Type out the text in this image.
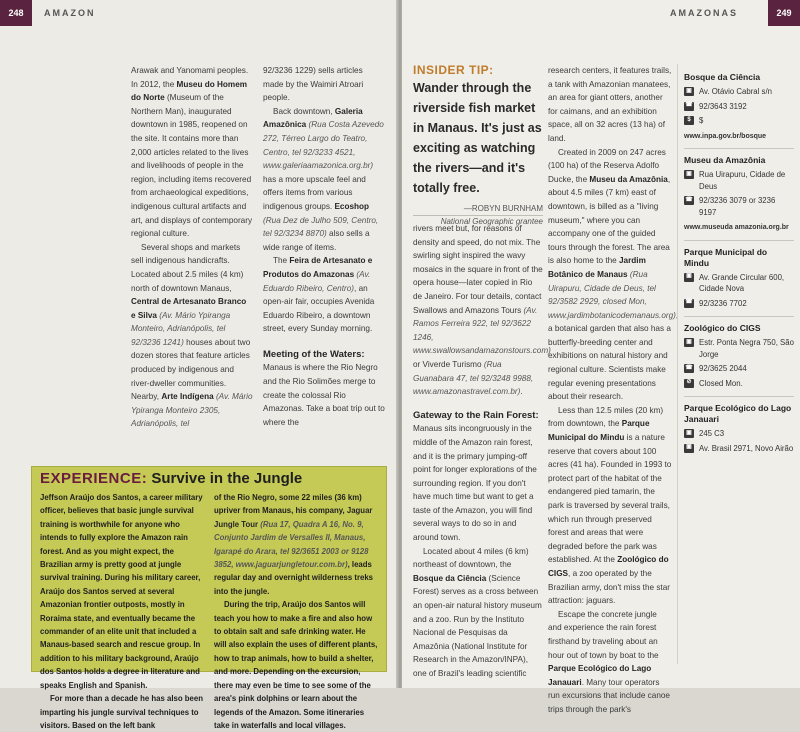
248	AMAZON

Arawak and Yanomami peoples. In 2012, the Museu do Homem do Norte (Museum of the Northern Man), inaugurated downtown in 1985, reopened on the site. It contains more than 2,000 articles related to the lives and livelihoods of people in the region, including items recovered from archaeological expeditions, indigenous cultural artifacts and art, and displays of contemporary regional culture.

Several shops and markets sell indigenous handicrafts. Located about 2.5 miles (4 km) north of downtown Manaus, Central de Artesanato Branco e Silva (Av. Mário Ypiranga Monteiro, Adrianópolis, tel 92/3236 1241) houses about two dozen stores that feature articles produced by indigenous and river-dweller communities. Nearby, Arte Indígena (Av. Mário Ypiranga Monteiro 2305, Adrianópolis, tel

92/3236 1229) sells articles made by the Waimiri Atroari people.

Back downtown, Galeria Amazônica (Rua Costa Azevedo 272, Térreo Largo do Teatro, Centro, tel 92/3233 4521, www.galeriaamazonica.org.br) has a more upscale feel and offers items from various indigenous groups. Ecoshop (Rua Dez de Julho 509, Centro, tel 92/3234 8870) also sells a wide range of items.

The Feira de Artesanato e Produtos do Amazonas (Av. Eduardo Ribeiro, Centro), an open-air fair, occupies Avenida Eduardo Ribeiro, a downtown street, every Sunday morning.

Meeting of the Waters:

Manaus is where the Rio Negro and the Rio Solimões merge to create the colossal Rio Amazonas. Take a boat trip out to where the

EXPERIENCE: Survive in the Jungle

Jeffson Araújo dos Santos, a career military officer, believes that basic jungle survival training is worthwhile for anyone who intends to fully explore the Amazon rain forest. And as you might expect, the Brazilian army is pretty good at jungle survival training. During his military career, Araújo dos Santos served at several Amazonian frontier outposts, mostly in Roraima state, and eventually became the commander of an elite unit that included a Manaus-based search and rescue group. In addition to his military background, Araújo dos Santos holds a degree in literature and speaks English and Spanish.

For more than a decade he has also been imparting his jungle survival techniques to visitors. Based on the left bank

of the Rio Negro, some 22 miles (36 km) upriver from Manaus, his company, Jaguar Jungle Tour (Rua 17, Quadra A 16, No. 9, Conjunto Jardim de Versalles II, Manaus, Igarapé do Arara, tel 92/3651 2003 or 9128 3852, www.jaguarjungletour.com.br), leads regular day and overnight wilderness treks into the jungle.

During the trip, Araújo dos Santos will teach you how to make a fire and also how to obtain salt and safe drinking water. He will also explain the uses of different plants, how to trap animals, how to build a shelter, and more. Depending on the excursion, there may even be time to see some of the area's pink dolphins or learn about the legends of the Amazon. Some itineraries take in waterfalls and local villages.

249
AMAZONAS
INSIDER TIP:
Wander through the riverside fish market in Manaus. It's just as exciting as watching the rivers—and it's totally free.
—ROBYN BURNHAM
National Geographic grantee

rivers meet but, for reasons of density and speed, do not mix. The swirling sight inspired the wavy mosaics in the square in front of the opera house—later copied in Rio de Janeiro. For tour details, contact Swallows and Amazons Tours (Av. Ramos Ferreira 922, tel 92/3622 1246, www.swallowsandamazonstours.com) or Viverde Turismo (Rua Guanabara 47, tel 92/3248 9988, www.amazonastravel.com.br).

Gateway to the Rain Forest:

Manaus sits incongruously in the middle of the Amazon rain forest, and it is the primary jumping-off point for longer explorations of the surrounding region. If you don't have much time but want to get a taste of the Amazon, you will find several ways to do so in and around town.

Located about 4 miles (6 km) northeast of downtown, the Bosque da Ciência (Science Forest) serves as a cross between an open-air natural history museum and a zoo. Run by the Instituto Nacional de Pesquisas da Amazônia (National Institute for Research in the Amazon/INPA), one of Brazil's leading scientific

research centers, it features trails, a tank with Amazonian manatees, an area for giant otters, another for caimans, and an exhibition space, all on 32 acres (13 ha) of land.

Created in 2009 on 247 acres (100 ha) of the Reserva Adolfo Ducke, the Museu da Amazônia, about 4.5 miles (7 km) east of downtown, is billed as a "living museum," where you can accompany one of the guided tours through the forest. The area is also home to the Jardim Botânico de Manaus (Rua Uirapuru, Cidade de Deus, tel 92/3582 2929, closed Mon, www.jardimbotanicodemanaus.org) a botanical garden that also has a butterfly-breeding center and exhibitions on natural history and regional culture. Scientists make regular evening presentations about their research.

Less than 12.5 miles (20 km) from downtown, the Parque Municipal do Mindu is a nature reserve that covers about 100 acres (41 ha). Founded in 1993 to protect part of the habitat of the endangered pied tamarin, the park is traversed by several trails, which run through preserved forest and areas that were degraded before the park was established. At the Zoológico do CIGS, a zoo operated by the Brazilian army, don't miss the star attraction: jaguars.

Escape the concrete jungle and experience the rain forest firsthand by traveling about an hour out of town by boat to the Parque Ecológico do Lago Janauari. Many tour operators run excursions that include canoe trips through the park's

Bosque da Ciência
▣ Av. Otávio Cabral s/n
☎ 92/3643 3192
$	$
www.inpa.gov.br/bosque
Museu da Amazônia
▣ Rua Uirapuru, Cidade de Deus
☎ 92/3236 3079 or 3236 9197
www.museuda amazonia.org.br
Parque Municipal do Mindu
▣ Av. Grande Circular 600, Cidade Nova
☎ 92/3236 7702
Zoológico do CIGS
▣ Estr. Ponta Negra 750, São Jorge
☎ 92/3625 2044
⊘ Closed Mon.
Parque Ecológico do Lago Janauari
▣ 245 C3
▣ Av. Brasil 2971, Novo Airão
